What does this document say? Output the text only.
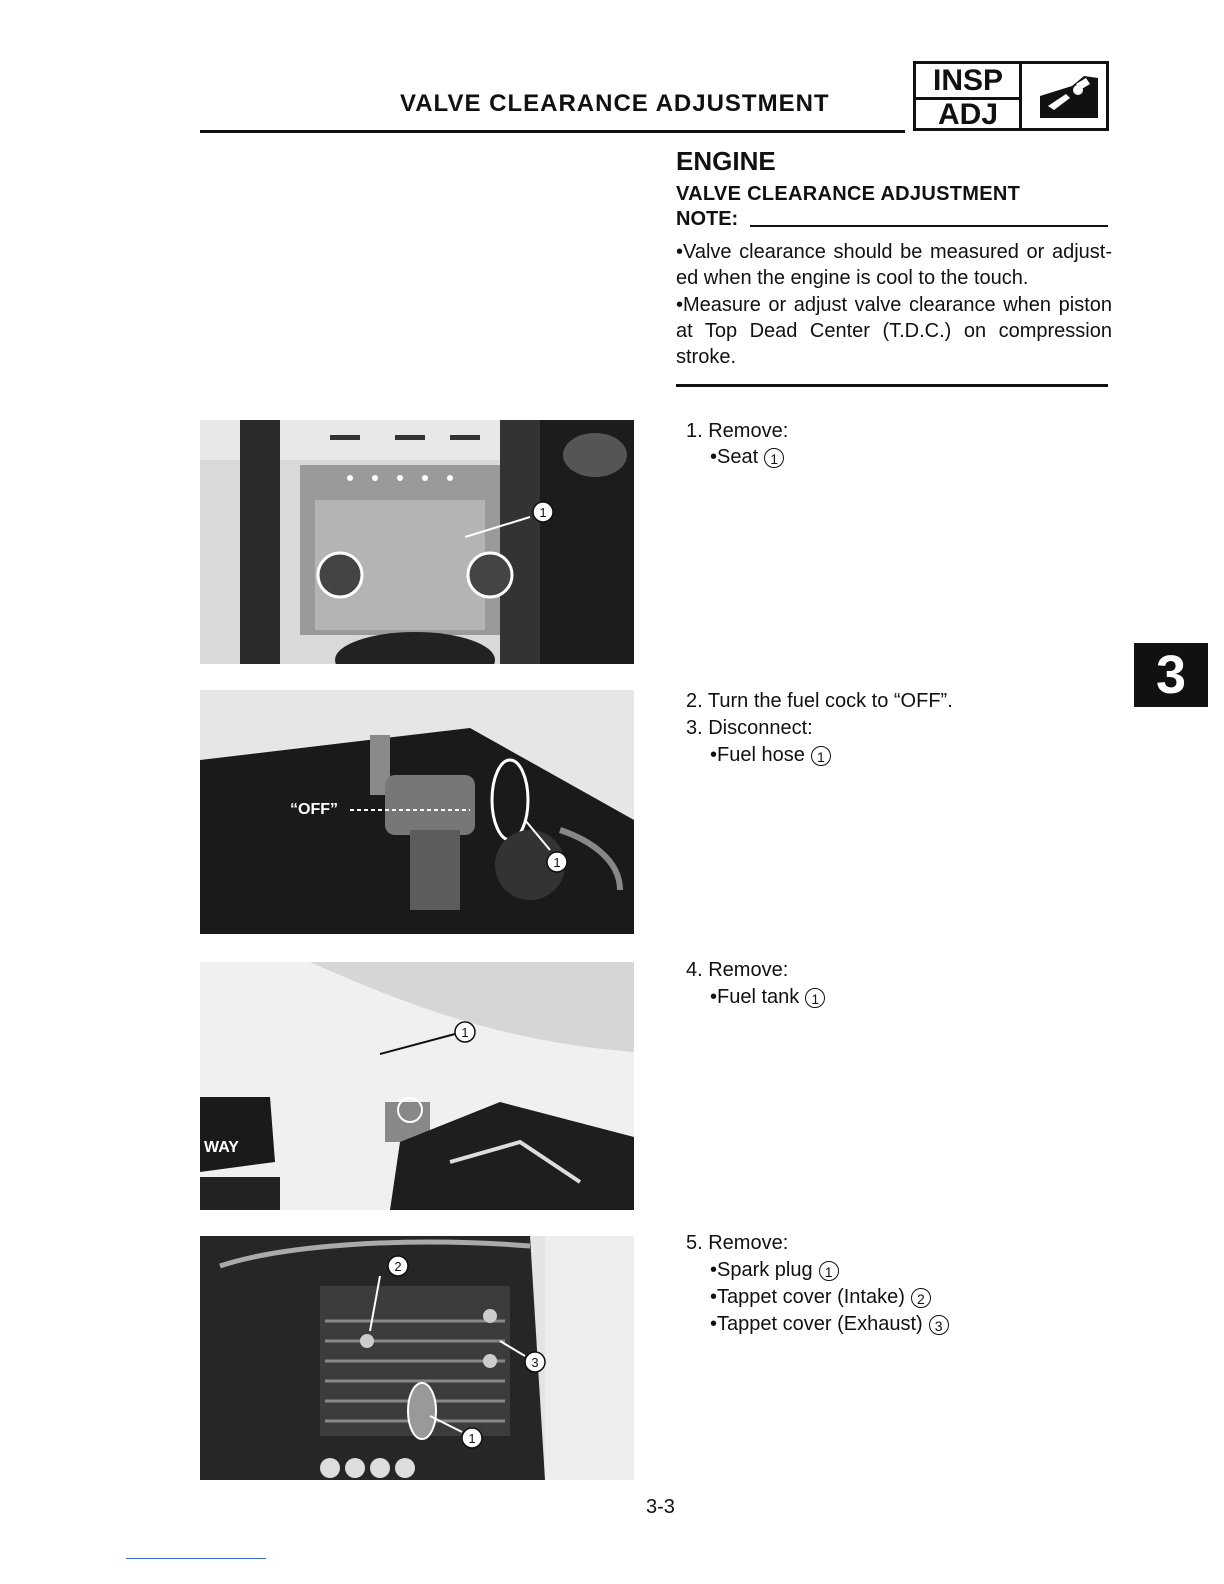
VALVE CLEARANCE ADJUSTMENT
INSP
ADJ
ENGINE
VALVE CLEARANCE ADJUSTMENT
NOTE:
•Valve clearance should be measured or adjust- ed when the engine is cool to the touch.
•Measure or adjust valve clearance when piston at Top Dead Center (T.D.C.) on compression stroke.
1. Remove:
•Seat 1
2. Turn the fuel cock to “OFF”.
3. Disconnect:
•Fuel hose 1
4. Remove:
•Fuel tank 1
5. Remove:
•Spark plug 1
•Tappet cover (Intake) 2
•Tappet cover (Exhaust) 3
1
“OFF”
1
WAY
1
2
3
1
3
3-3
